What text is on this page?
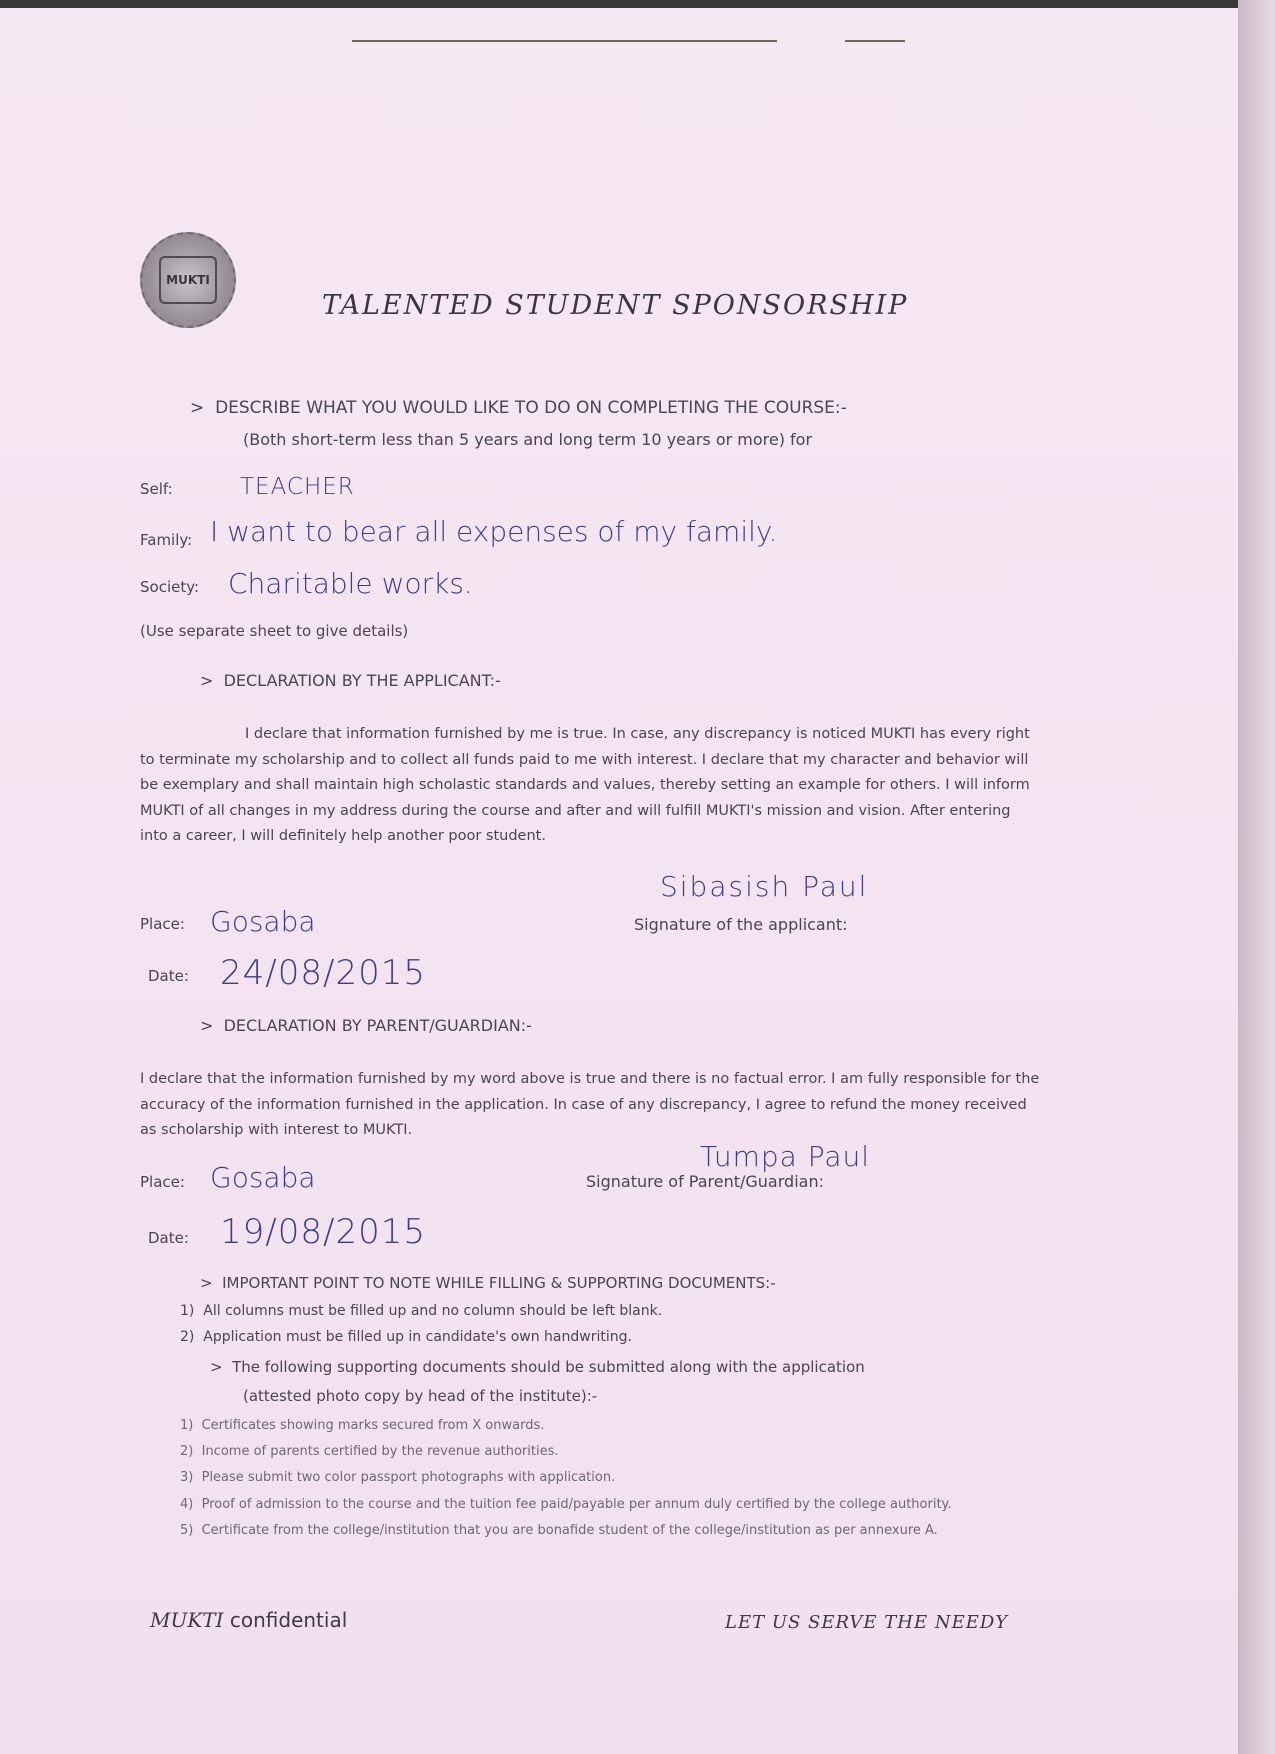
MUKTI
TALENTED STUDENT SPONSORSHIP
> DESCRIBE WHAT YOU WOULD LIKE TO DO ON COMPLETING THE COURSE:-
(Both short-term less than 5 years and long term 10 years or more) for
Self:	TEACHER
Family: I want to bear all expenses of my family.
Society: Charitable works.
(Use separate sheet to give details)
> DECLARATION BY THE APPLICANT:-
I declare that information furnished by me is true. In case, any discrepancy is noticed MUKTI has every right to terminate my scholarship and to collect all funds paid to me with interest. I declare that my character and behavior will be exemplary and shall maintain high scholastic standards and values, thereby setting an example for others. I will inform MUKTI of all changes in my address during the course and after and will fulfill MUKTI's mission and vision. After entering into a career, I will definitely help another poor student.
Place: Gosaba
Sibasish Paul
Signature of the applicant:
Date: 24/08/2015
> DECLARATION BY PARENT/GUARDIAN:-
I declare that the information furnished by my word above is true and there is no factual error. I am fully responsible for the accuracy of the information furnished in the application. In case of any discrepancy, I agree to refund the money received as scholarship with interest to MUKTI.
Place: Gosaba
Tumpa Paul
Signature of Parent/Guardian:
Date: 19/08/2015
> IMPORTANT POINT TO NOTE WHILE FILLING & SUPPORTING DOCUMENTS:-
1) All columns must be filled up and no column should be left blank.
2) Application must be filled up in candidate's own handwriting.
> The following supporting documents should be submitted along with the application
(attested photo copy by head of the institute):-
1) Certificates showing marks secured from X onwards.
2) Income of parents certified by the revenue authorities.
3) Please submit two color passport photographs with application.
4) Proof of admission to the course and the tuition fee paid/payable per annum duly certified by the college authority.
5) Certificate from the college/institution that you are bonafide student of the college/institution as per annexure A.
MUKTI confidential	LET US SERVE THE NEEDY
